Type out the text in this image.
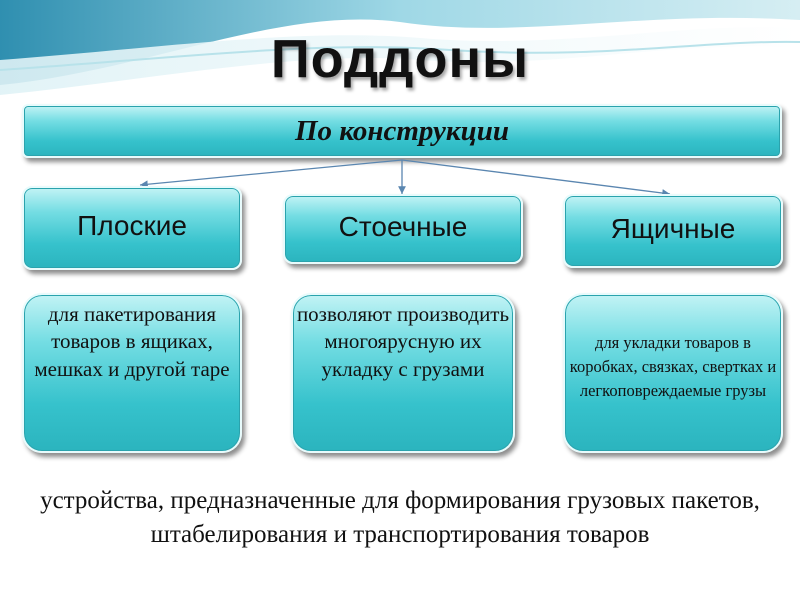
Поддоны
По конструкции
Плоские	Стоечные	Ящичные
для пакетирования товаров в ящиках, мешках и другой таре
позволяют производить многоярусную их укладку с грузами
для укладки товаров в коробках, связках, свертках и легкоповреждаемые грузы
устройства, предназначенные для формирования грузовых пакетов, штабелирования и транспортирования товаров
